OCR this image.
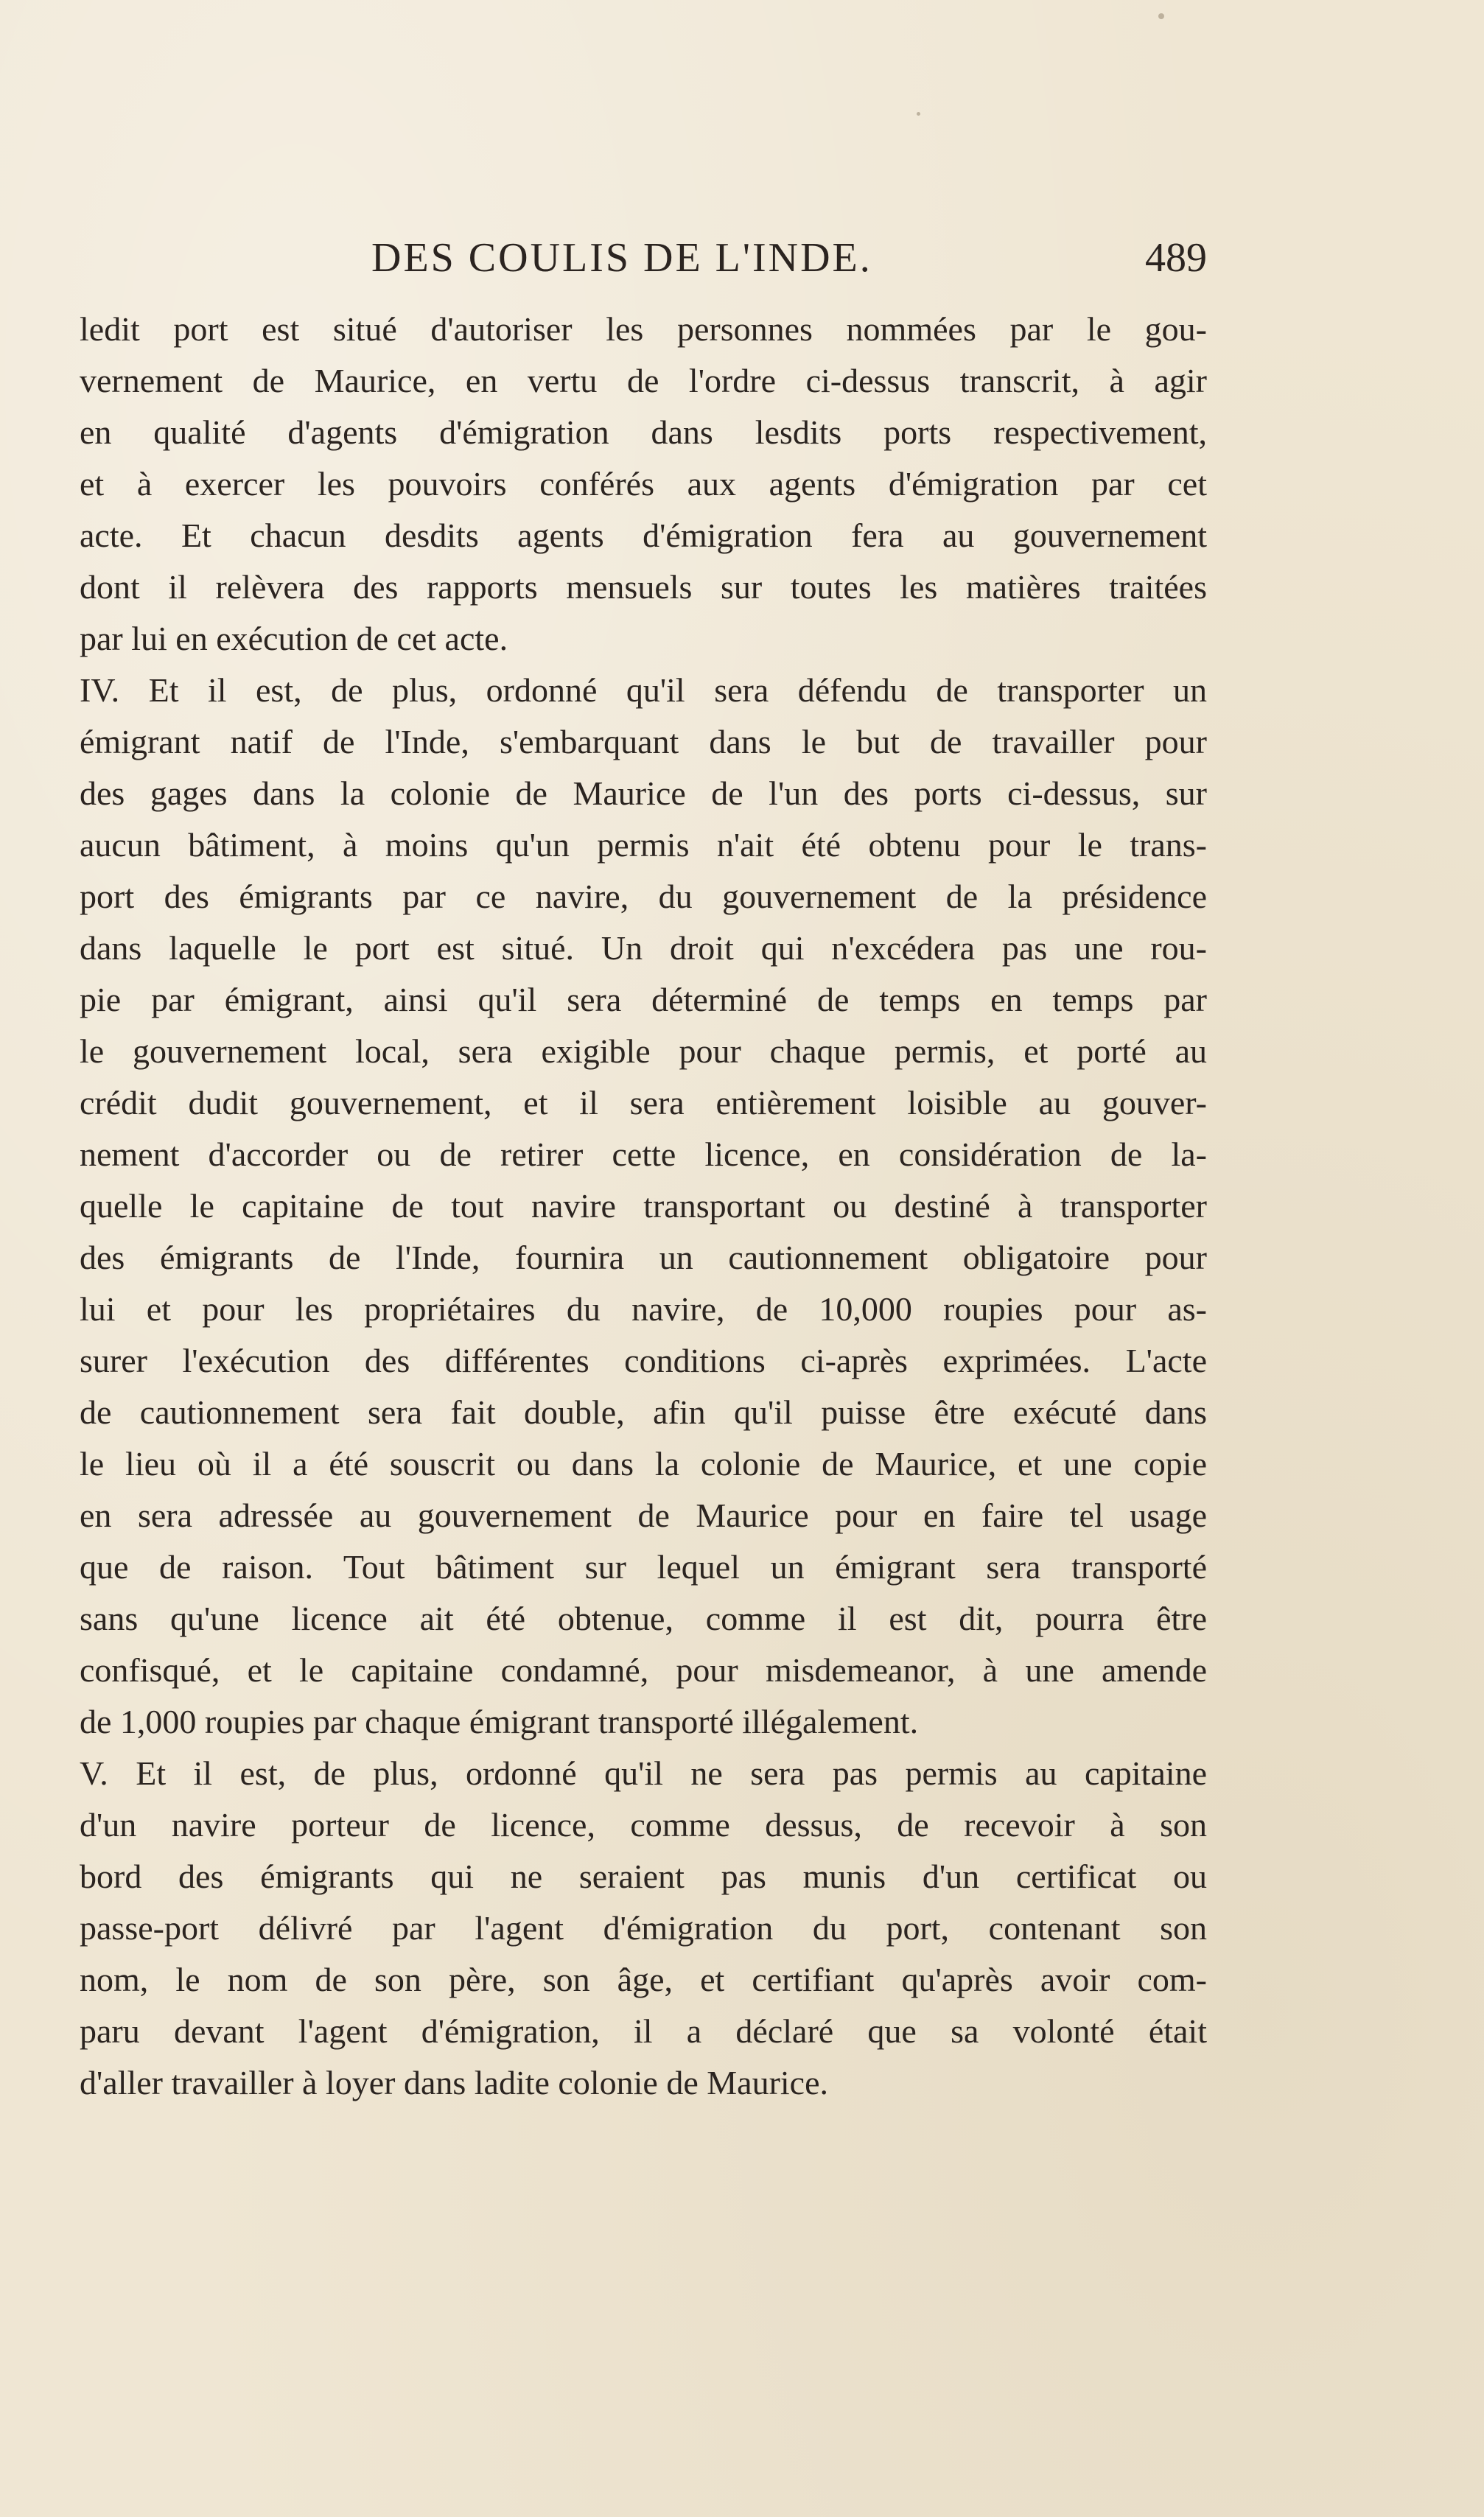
DES COULIS DE L'INDE.	489
ledit port est situé d'autoriser les personnes nommées par le gou-
vernement de Maurice, en vertu de l'ordre ci-dessus transcrit, à agir
en qualité d'agents d'émigration dans lesdits ports respectivement,
et à exercer les pouvoirs conférés aux agents d'émigration par cet
acte. Et chacun desdits agents d'émigration fera au gouvernement
dont il relèvera des rapports mensuels sur toutes les matières traitées
par lui en exécution de cet acte.
IV. Et il est, de plus, ordonné qu'il sera défendu de transporter un
émigrant natif de l'Inde, s'embarquant dans le but de travailler pour
des gages dans la colonie de Maurice de l'un des ports ci-dessus, sur
aucun bâtiment, à moins qu'un permis n'ait été obtenu pour le trans-
port des émigrants par ce navire, du gouvernement de la présidence
dans laquelle le port est situé. Un droit qui n'excédera pas une rou-
pie par émigrant, ainsi qu'il sera déterminé de temps en temps par
le gouvernement local, sera exigible pour chaque permis, et porté au
crédit dudit gouvernement, et il sera entièrement loisible au gouver-
nement d'accorder ou de retirer cette licence, en considération de la-
quelle le capitaine de tout navire transportant ou destiné à transporter
des émigrants de l'Inde, fournira un cautionnement obligatoire pour
lui et pour les propriétaires du navire, de 10,000 roupies pour as-
surer l'exécution des différentes conditions ci-après exprimées. L'acte
de cautionnement sera fait double, afin qu'il puisse être exécuté dans
le lieu où il a été souscrit ou dans la colonie de Maurice, et une copie
en sera adressée au gouvernement de Maurice pour en faire tel usage
que de raison. Tout bâtiment sur lequel un émigrant sera transporté
sans qu'une licence ait été obtenue, comme il est dit, pourra être
confisqué, et le capitaine condamné, pour misdemeanor, à une amende
de 1,000 roupies par chaque émigrant transporté illégalement.
V. Et il est, de plus, ordonné qu'il ne sera pas permis au capitaine
d'un navire porteur de licence, comme dessus, de recevoir à son
bord des émigrants qui ne seraient pas munis d'un certificat ou
passe-port délivré par l'agent d'émigration du port, contenant son
nom, le nom de son père, son âge, et certifiant qu'après avoir com-
paru devant l'agent d'émigration, il a déclaré que sa volonté était
d'aller travailler à loyer dans ladite colonie de Maurice.
